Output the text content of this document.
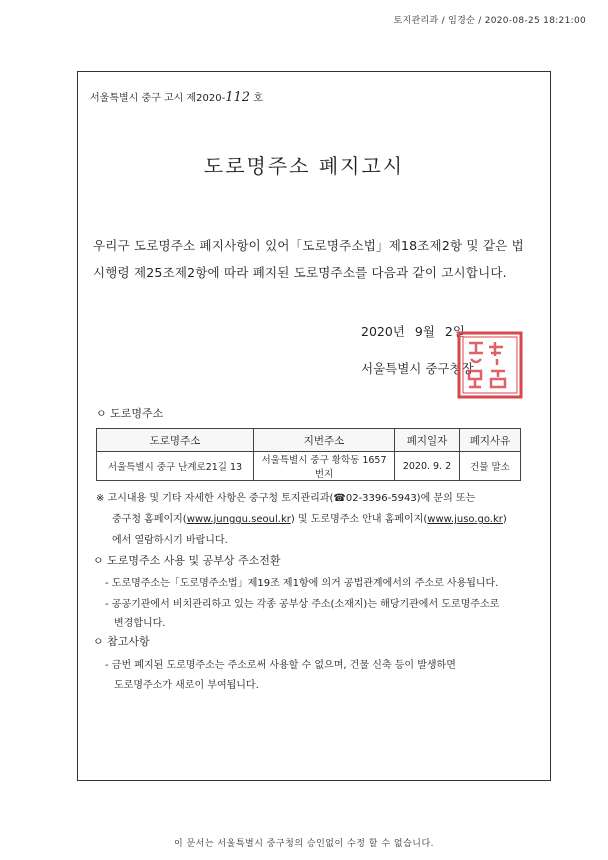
토지관리과 / 임경순 / 2020-08-25 18:21:00
서울특별시 중구 고시 제2020-112 호
도로명주소 폐지고시
우리구 도로명주소 폐지사항이 있어「도로명주소법」제18조제2항 및 같은 법
시행령 제25조제2항에 따라 폐지된 도로명주소를 다음과 같이 고시합니다.
2020년 9월 2일
서울특별시 중구청장
ㅇ 도로명주소
도로명주소	지번주소	폐지일자	폐지사유
서울특별시 중구 난계로21길 13	서울특별시 중구 황학동 1657번지	2020. 9. 2	건물 말소
※ 고시내용 및 기타 자세한 사항은 중구청 토지관리과(☎02-3396-5943)에 문의 또는
중구청 홈페이지(www.junggu.seoul.kr) 및 도로명주소 안내 홈페이지(www.juso.go.kr)
에서 열람하시기 바랍니다.
ㅇ 도로명주소 사용 및 공부상 주소전환
- 도로명주소는「도로명주소법」제19조 제1항에 의거 공법관계에서의 주소로 사용됩니다.
- 공공기관에서 비치관리하고 있는 각종 공부상 주소(소재지)는 해당기관에서 도로명주소로
변경합니다.
ㅇ 참고사항
- 금번 폐지된 도로명주소는 주소로써 사용할 수 없으며, 건물 신축 등이 발생하면
도로명주소가 새로이 부여됩니다.
이 문서는 서울특별시 중구청의 승인없이 수정 할 수 없습니다.
